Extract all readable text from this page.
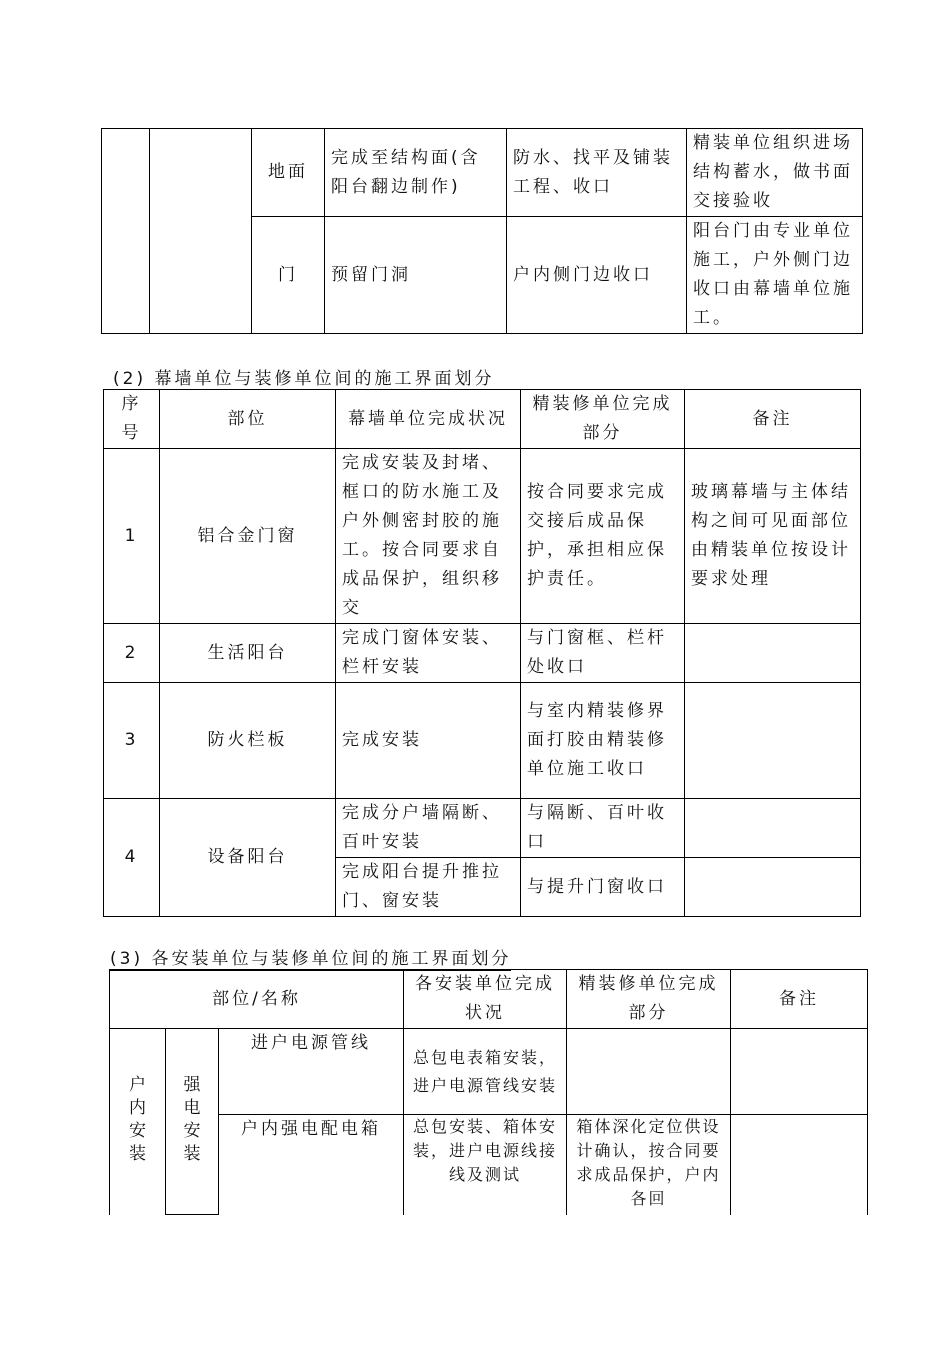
		地面	完成至结构面(含阳台翻边制作)	防水、找平及铺装工程、收口	精装单位组织进场结构蓄水，做书面交接验收
		门	预留门洞	户内侧门边收口	阳台门由专业单位施工，户外侧门边收口由幕墙单位施工。
(2) 幕墙单位与装修单位间的施工界面划分
序号	部位	幕墙单位完成状况	精装修单位完成部分	备注
1	铝合金门窗	完成安装及封堵、框口的防水施工及户外侧密封胶的施工。按合同要求自成品保护，组织移交	按合同要求完成交接后成品保护，承担相应保护责任。	玻璃幕墙与主体结构之间可见面部位由精装单位按设计要求处理
2	生活阳台	完成门窗体安装、栏杆安装	与门窗框、栏杆处收口	
3	防火栏板	完成安装	与室内精装修界面打胶由精装修单位施工收口	
4	设备阳台	完成分户墙隔断、百叶安装	与隔断、百叶收口	
		完成阳台提升推拉门、窗安装	与提升门窗收口	
(3) 各安装单位与装修单位间的施工界面划分
部位/名称			各安装单位完成状况	精装修单位完成部分	备注
户内安装	强电安装	进户电源管线	总包电表箱安装，进户电源管线安装		
		户内强电配电箱	总包安装、箱体安装，进户电源线接线及测试	箱体深化定位供设计确认，按合同要求成品保护，户内各回	
